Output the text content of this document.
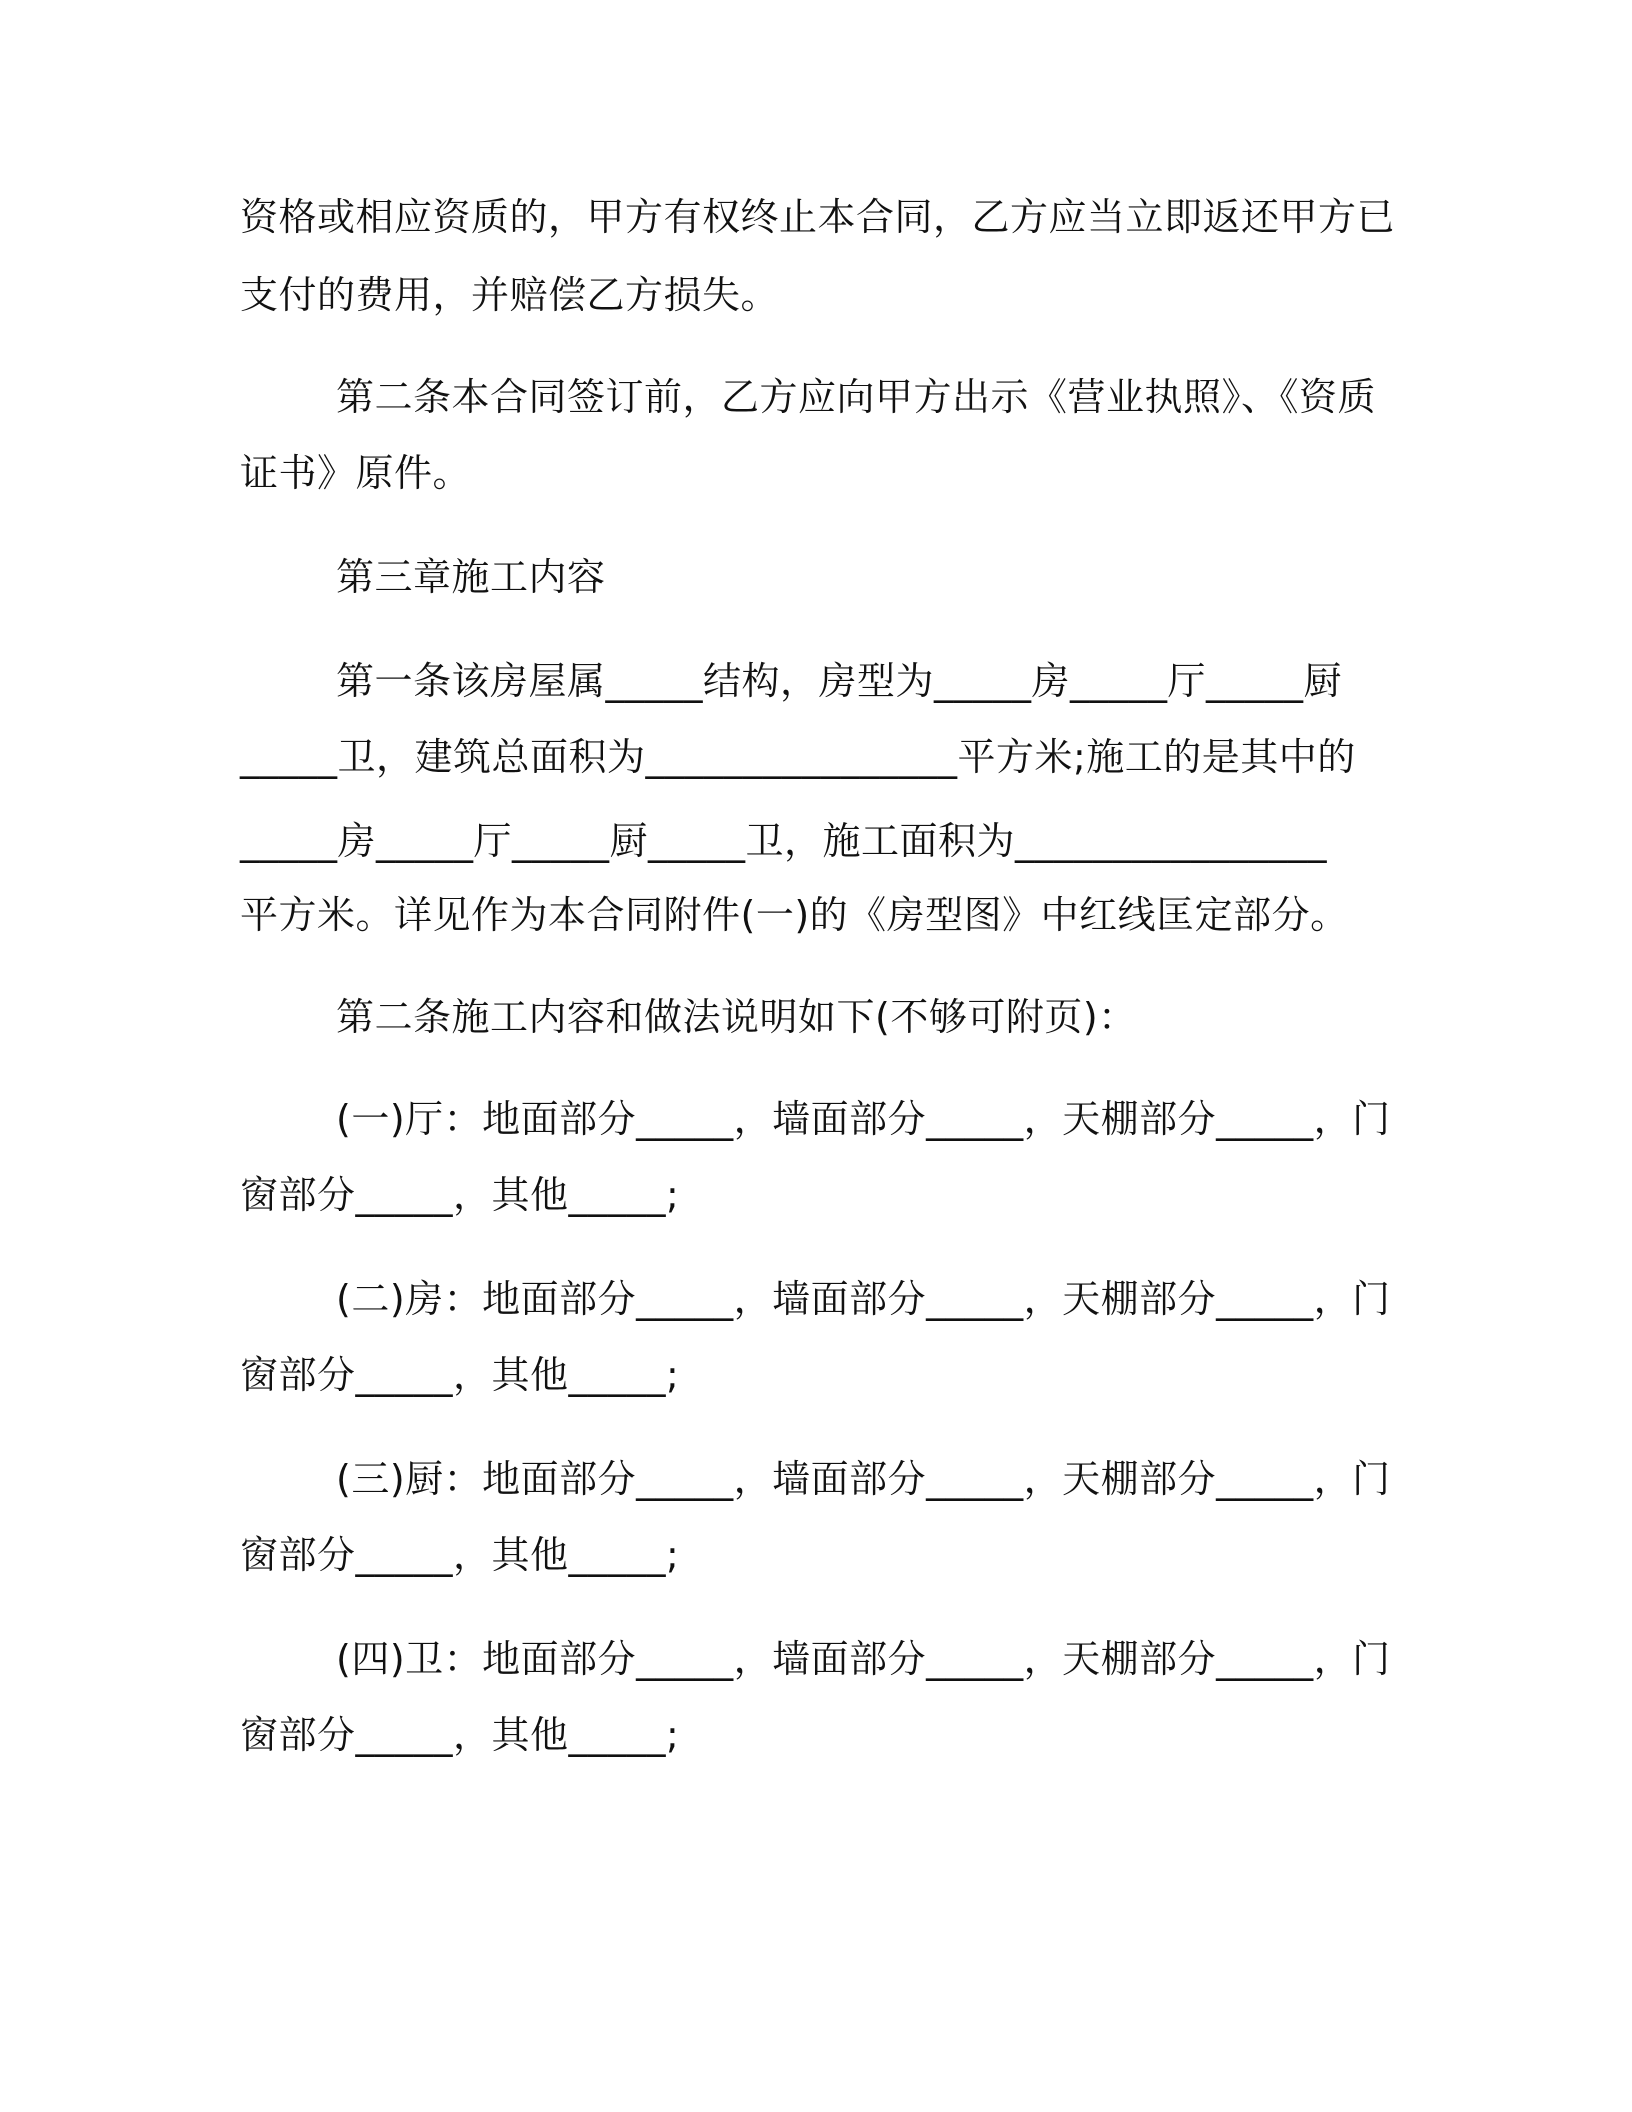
资格或相应资质的，甲方有权终止本合同，乙方应当立即返还甲方已
支付的费用，并赔偿乙方损失。
第二条本合同签订前，乙方应向甲方出示《营业执照》、《资质
证书》原件。
第三章施工内容
第一条该房屋属_____结构，房型为_____房_____厅_____厨
_____卫，建筑总面积为________________平方米;施工的是其中的
_____房_____厅_____厨_____卫，施工面积为________________
平方米。详见作为本合同附件(一)的《房型图》中红线匡定部分。
第二条施工内容和做法说明如下(不够可附页)：
(一)厅：地面部分_____，墙面部分_____，天棚部分_____，门
窗部分_____，其他_____;
(二)房：地面部分_____，墙面部分_____，天棚部分_____，门
窗部分_____，其他_____;
(三)厨：地面部分_____，墙面部分_____，天棚部分_____，门
窗部分_____，其他_____;
(四)卫：地面部分_____，墙面部分_____，天棚部分_____，门
窗部分_____，其他_____;
